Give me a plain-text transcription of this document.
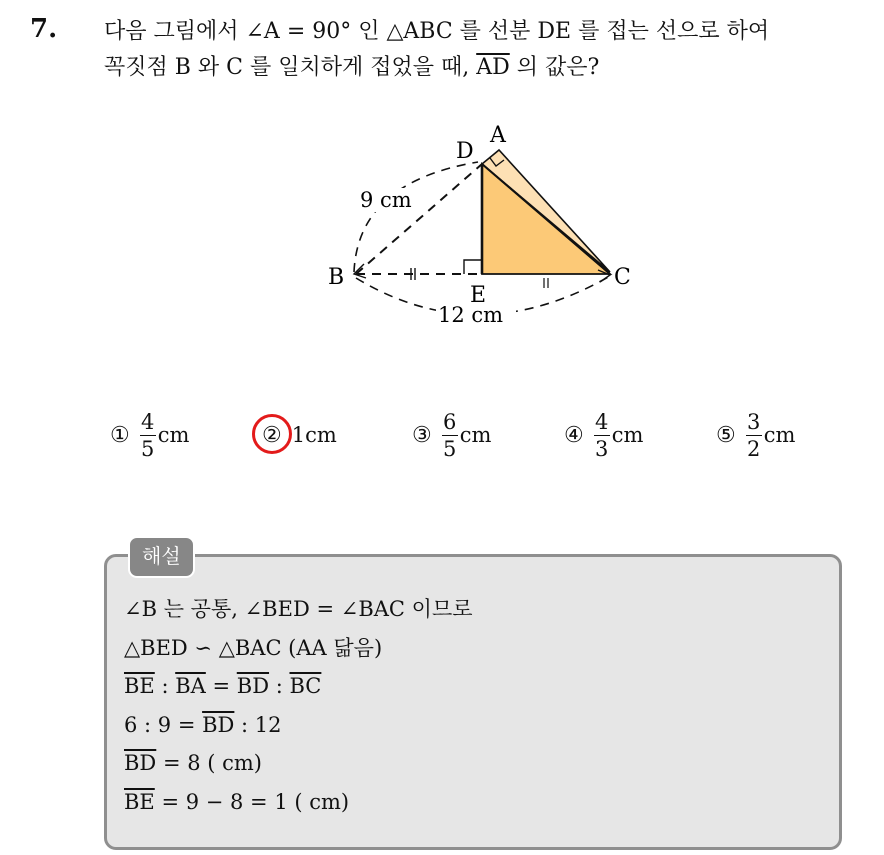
7. 다음 그림에서 ∠A = 90° 인 △ABC 를 선분 DE 를 접는 선으로 하여
꼭짓점 B 와 C 를 일치하게 접었을 때, $\overline{AD}$ 의 값은?
A
D
B	C
E
9 cm
12 cm
① $\frac{4}{5}$ cm	② 1 cm	③ $\frac{6}{5}$ cm	④ $\frac{4}{3}$ cm	⑤ $\frac{3}{2}$ cm
해설
∠B 는 공통, ∠BED = ∠BAC 이므로
△BED ∽ △BAC (AA 닮음)
$\overline{BE}$ : $\overline{BA} = \overline{BD}$ : $\overline{BC}$
6 : $9 = \overline{BD}$ : 12
$\overline{BD} = 8$ ( cm)
$\overline{BE} = 9 - 8 = 1$ ( cm)
